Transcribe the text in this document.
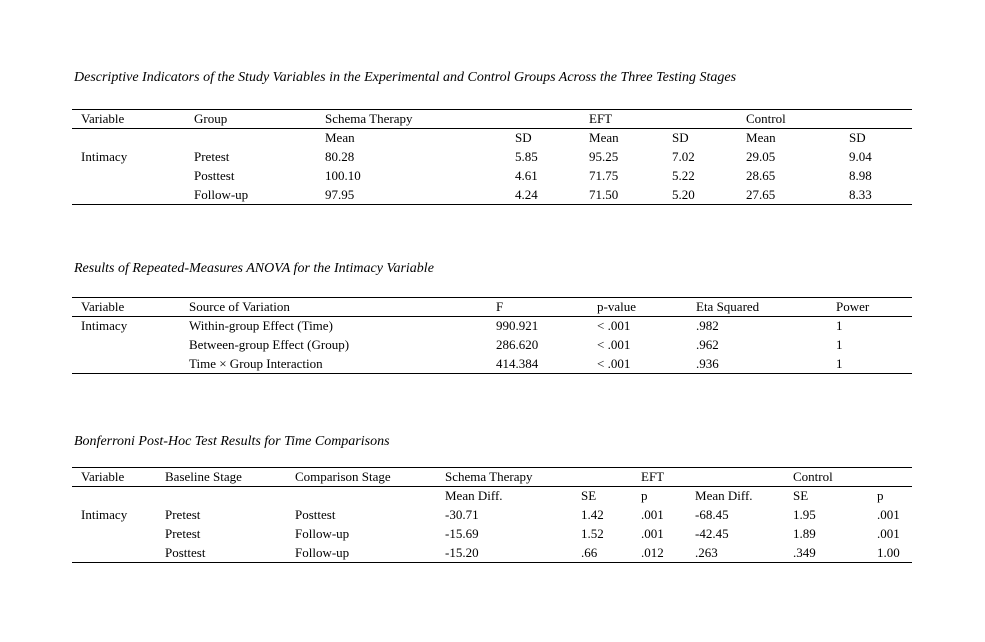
Descriptive Indicators of the Study Variables in the Experimental and Control Groups Across the Three Testing Stages
Variable	Group	Schema Therapy		EFT		Control	
		Mean	SD	Mean	SD	Mean	SD
Intimacy	Pretest	80.28	5.85	95.25	7.02	29.05	9.04
	Posttest	100.10	4.61	71.75	5.22	28.65	8.98
	Follow-up	97.95	4.24	71.50	5.20	27.65	8.33
Results of Repeated-Measures ANOVA for the Intimacy Variable
Variable	Source of Variation	F	p-value	Eta Squared	Power
Intimacy	Within-group Effect (Time)	990.921	< .001	.982	1
	Between-group Effect (Group)	286.620	< .001	.962	1
	Time × Group Interaction	414.384	< .001	.936	1
Bonferroni Post-Hoc Test Results for Time Comparisons
Variable	Baseline Stage	Comparison Stage	Schema Therapy		EFT		Control	
			Mean Diff.	SE	p	Mean Diff.	SE	p
Intimacy	Pretest	Posttest	-30.71	1.42	.001	-68.45	1.95	.001
	Pretest	Follow-up	-15.69	1.52	.001	-42.45	1.89	.001
	Posttest	Follow-up	-15.20	.66	.012	.263	.349	1.00
